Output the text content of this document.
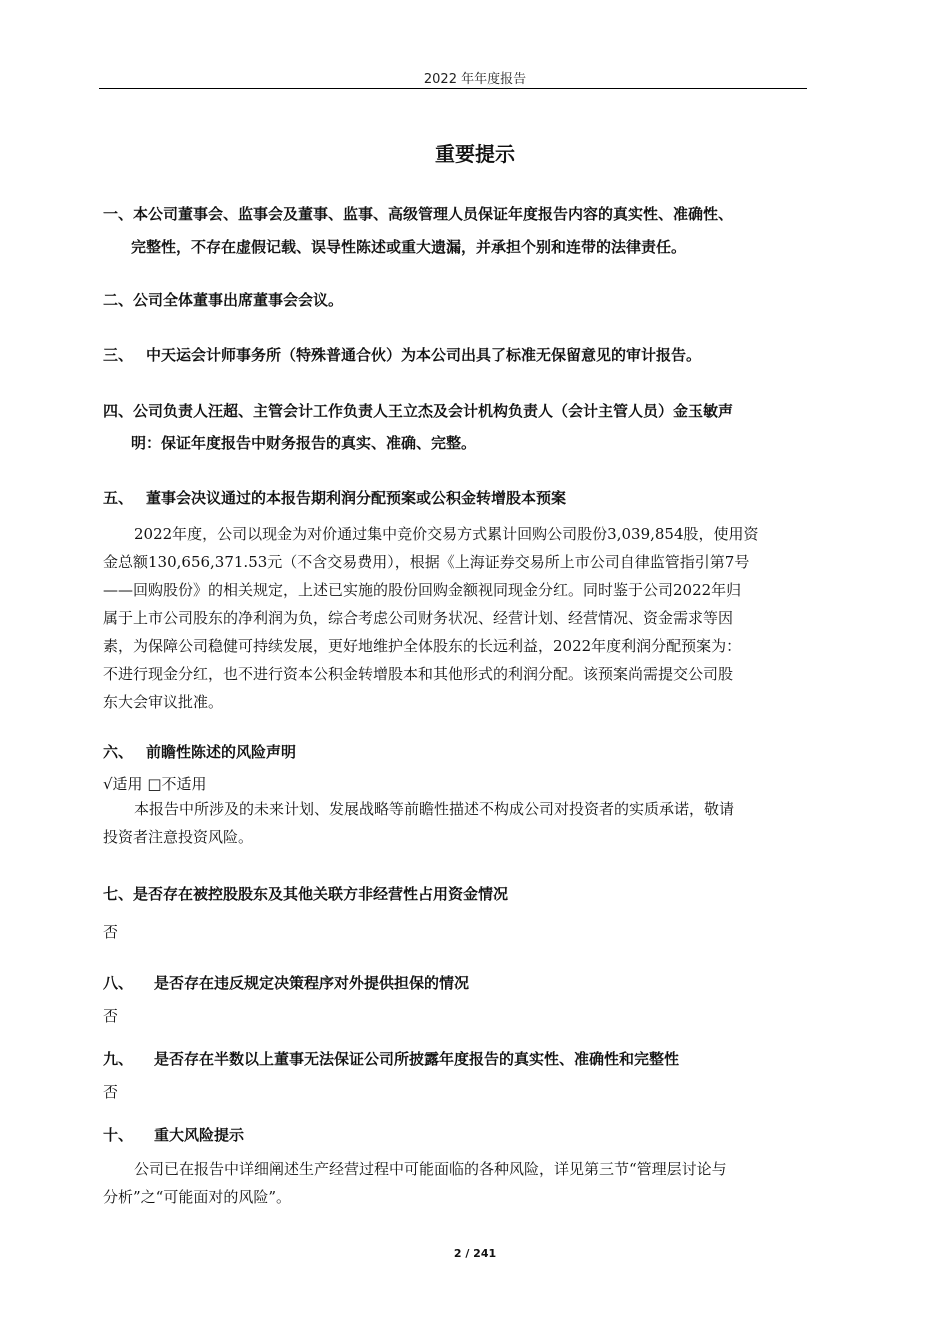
2022 年年度报告
重要提示
一、本公司董事会、监事会及董事、监事、高级管理人员保证年度报告内容的真实性、准确性、
完整性，不存在虚假记载、误导性陈述或重大遗漏，并承担个别和连带的法律责任。
二、公司全体董事出席董事会会议。
三、 中天运会计师事务所（特殊普通合伙）为本公司出具了标准无保留意见的审计报告。
四、公司负责人汪超、主管会计工作负责人王立杰及会计机构负责人（会计主管人员）金玉敏声
明：保证年度报告中财务报告的真实、准确、完整。
五、 董事会决议通过的本报告期利润分配预案或公积金转增股本预案
2022年度，公司以现金为对价通过集中竞价交易方式累计回购公司股份3,039,854股，使用资
金总额130,656,371.53元（不含交易费用），根据《上海证券交易所上市公司自律监管指引第7号
——回购股份》的相关规定，上述已实施的股份回购金额视同现金分红。同时鉴于公司2022年归
属于上市公司股东的净利润为负，综合考虑公司财务状况、经营计划、经营情况、资金需求等因
素，为保障公司稳健可持续发展，更好地维护全体股东的长远利益，2022年度利润分配预案为：
不进行现金分红，也不进行资本公积金转增股本和其他形式的利润分配。该预案尚需提交公司股
东大会审议批准。
六、 前瞻性陈述的风险声明
√适用 □不适用
本报告中所涉及的未来计划、发展战略等前瞻性描述不构成公司对投资者的实质承诺，敬请
投资者注意投资风险。
七、是否存在被控股股东及其他关联方非经营性占用资金情况
否
八、 是否存在违反规定决策程序对外提供担保的情况
否
九、 是否存在半数以上董事无法保证公司所披露年度报告的真实性、准确性和完整性
否
十、 重大风险提示
公司已在报告中详细阐述生产经营过程中可能面临的各种风险，详见第三节“管理层讨论与
分析”之“可能面对的风险”。
2 / 241
